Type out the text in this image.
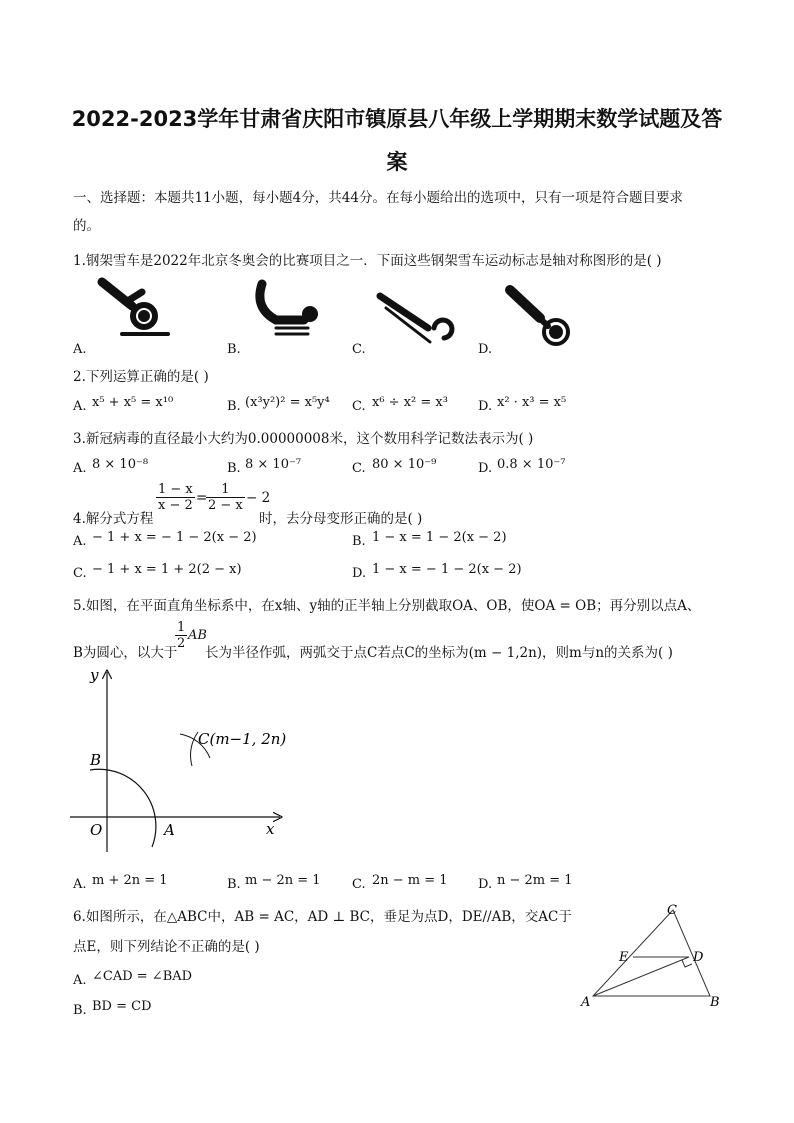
2022-2023学年甘肃省庆阳市镇原县八年级上学期期末数学试题及答
案
一、选择题：本题共11小题，每小题4分，共44分。在每小题给出的选项中，只有一项是符合题目要求
的。
1.钢架雪车是2022年北京冬奥会的比赛项目之一．下面这些钢架雪车运动标志是轴对称图形的是( )
A.	B.	C.	D.
2.下列运算正确的是( )
A. x⁵ + x⁵ = x¹⁰	B. (x³y²)² = x⁵y⁴ C. x⁶ ÷ x² = x³ D. x² · x³ = x⁵
3.新冠病毒的直径最小大约为0.00000008米，这个数用科学记数法表示为( )
A. 8 × 10⁻⁸	B. 8 × 10⁻⁷	C. 80 × 10⁻⁹	D. 0.8 × 10⁻⁷
4.解分式方程
$\frac{1 - x}{x - 2}$ =
$\frac{1}{2 - x} - 2$
时，去分母变形正确的是( )
A. − 1 + x = − 1 − 2(x − 2)	B. 1 − x = 1 − 2(x − 2)
C. − 1 + x = 1 + 2(2 − x)	D. 1 − x = − 1 − 2(x − 2)
5.如图，在平面直角坐标系中，在x轴、y轴的正半轴上分别截取OA、OB，使OA = OB；再分别以点A、
B为圆心，以大于
$\frac{1}{2}$ AB
长为半径作弧，两弧交于点C若点C的坐标为(m − 1,2n)，则m与n的关系为( )
y
x
O	A
B
C(m−1, 2n)
A. m + 2n = 1	B. m − 2n = 1 C. 2n − m = 1 D. n − 2m = 1
6.如图所示，在△ABC中，AB = AC，AD ⊥ BC，垂足为点D，DE//AB，交AC于
点E，则下列结论不正确的是( )
C
E	D
A	B
A. ∠CAD = ∠BAD
B. BD = CD
